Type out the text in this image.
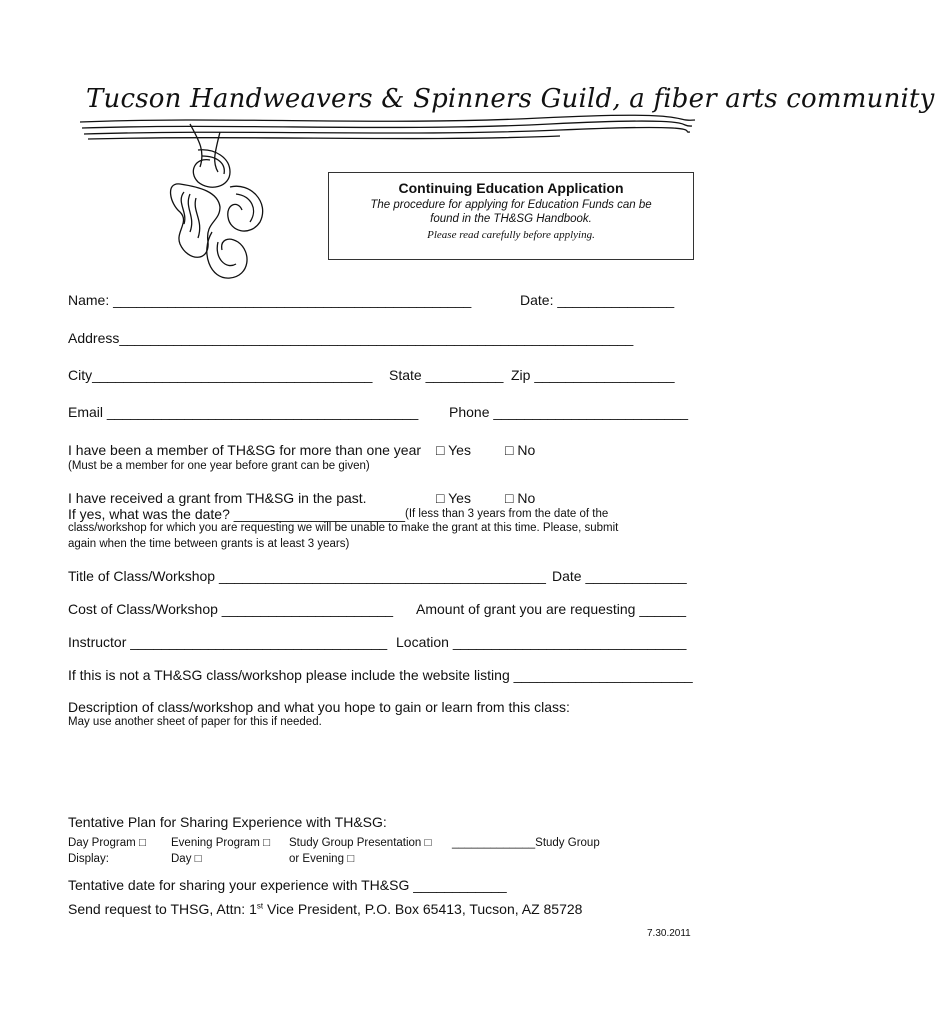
Tucson Handweavers & Spinners Guild, a fiber arts community
Continuing Education Application
The procedure for applying for Education Funds can be
found in the TH&SG Handbook.
Please read carefully before applying.
Name: ______________________________________________	Date: _______________
Address__________________________________________________________________
City____________________________________ State __________ Zip __________________
Email ________________________________________ Phone _________________________
I have been a member of TH&SG for more than one year □ Yes □ No
(Must be a member for one year before grant can be given)
I have received a grant from TH&SG in the past.	□ Yes □ No
If yes, what was the date? ______________________ (If less than 3 years from the date of the
class/workshop for which you are requesting we will be unable to make the grant at this time. Please, submit
again when the time between grants is at least 3 years)
Title of Class/Workshop __________________________________________ Date _____________
Cost of Class/Workshop ______________________ Amount of grant you are requesting ______
Instructor _________________________________ Location ______________________________
If this is not a TH&SG class/workshop please include the website listing _______________________
Description of class/workshop and what you hope to gain or learn from this class:
May use another sheet of paper for this if needed.
Tentative Plan for Sharing Experience with TH&SG:
Day Program □
Display:
Evening Program □
Day □
Study Group Presentation □
or Evening □
_____________Study Group
Tentative date for sharing your experience with TH&SG ____________
Send request to THSG, Attn: 1st Vice President, P.O. Box 65413, Tucson, AZ 85728
7.30.2011
